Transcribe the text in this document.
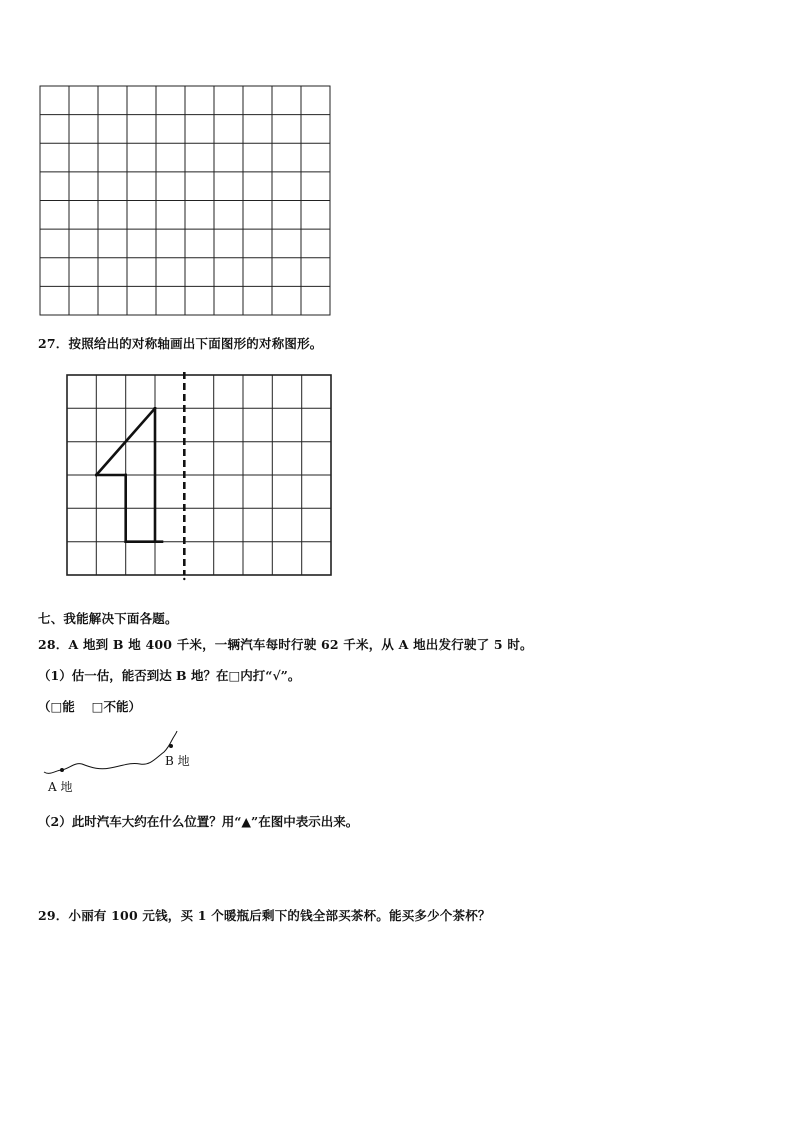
27．按照给出的对称轴画出下面图形的对称图形。
七、我能解决下面各题。
28．A 地到 B 地 400 千米，一辆汽车每时行驶 62 千米，从 A 地出发行驶了 5 时。
（1）估一估，能否到达 B 地？在□内打“√”。
（□能　 □不能）
A 地
B 地
（2）此时汽车大约在什么位置？用“▲”在图中表示出来。
29．小丽有 100 元钱，买 1 个暖瓶后剩下的钱全部买茶杯。能买多少个茶杯？
